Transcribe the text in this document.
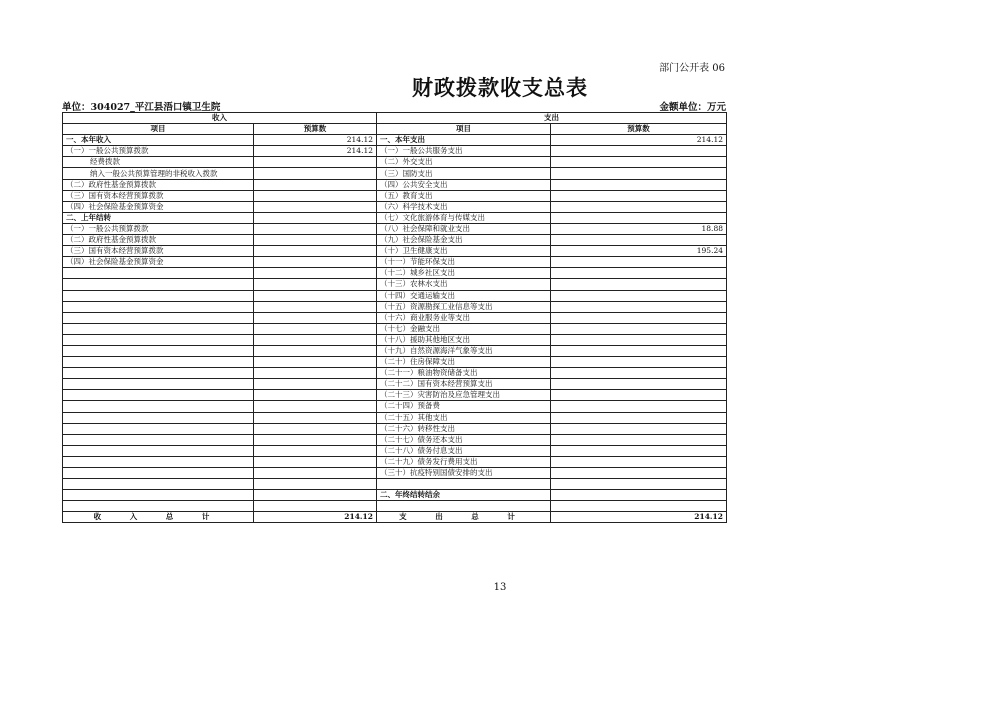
部门公开表 06
财政拨款收支总表
单位：304027_平江县浯口镇卫生院	金额单位：万元
收入		支出	
项目	预算数	项目	预算数
一、本年收入	214.12	一、本年支出	214.12
（一）一般公共预算拨款	214.12	（一）一般公共服务支出	
经费拨款		（二）外交支出	
纳入一般公共预算管理的非税收入拨款		（三）国防支出	
（二）政府性基金预算拨款		（四）公共安全支出	
（三）国有资本经营预算拨款		（五）教育支出	
（四）社会保险基金预算资金		（六）科学技术支出	
二、上年结转		（七）文化旅游体育与传媒支出	
（一）一般公共预算拨款		（八）社会保障和就业支出	18.88
（二）政府性基金预算拨款		（九）社会保险基金支出	
（三）国有资本经营预算拨款		（十）卫生健康支出	195.24
（四）社会保险基金预算资金		（十一）节能环保支出	
		（十二）城乡社区支出	
		（十三）农林水支出	
		（十四）交通运输支出	
		（十五）资源勘探工业信息等支出	
		（十六）商业服务业等支出	
		（十七）金融支出	
		（十八）援助其他地区支出	
		（十九）自然资源海洋气象等支出	
		（二十）住房保障支出	
		（二十一）粮油物资储备支出	
		（二十二）国有资本经营预算支出	
		（二十三）灾害防治及应急管理支出	
		（二十四）预备费	
		（二十五）其他支出	
		（二十六）转移性支出	
		（二十七）债务还本支出	
		（二十八）债务付息支出	
		（二十九）债务发行费用支出	
		（三十）抗疫特别国债安排的支出	

		二、年终结转结余	

收 入 总 计	214.12	支 出 总 计	214.12
13
